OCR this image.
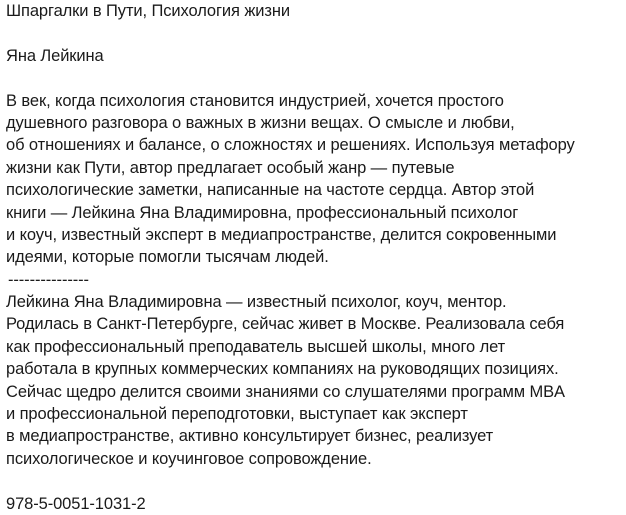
Шпаргалки в Пути, Психология жизни
Яна Лейкина
В век, когда психология становится индустрией, хочется простого
душевного разговора о важных в жизни вещах. О смысле и любви,
об отношениях и балансе, о сложностях и решениях. Используя метафору
жизни как Пути, автор предлагает особый жанр — путевые
психологические заметки, написанные на частоте сердца. Автор этой
книги — Лейкина Яна Владимировна, профессиональный психолог
и коуч, известный эксперт в медиапространстве, делится сокровенными
идеями, которые помогли тысячам людей.
---------------
Лейкина Яна Владимировна — известный психолог, коуч, ментор.
Родилась в Санкт-Петербурге, сейчас живет в Москве. Реализовала себя
как профессиональный преподаватель высшей школы, много лет
работала в крупных коммерческих компаниях на руководящих позициях.
Сейчас щедро делится своими знаниями со слушателями программ MBA
и профессиональной переподготовки, выступает как эксперт
в медиапространстве, активно консультирует бизнес, реализует
психологическое и коучинговое сопровождение.
978-5-0051-1031-2
